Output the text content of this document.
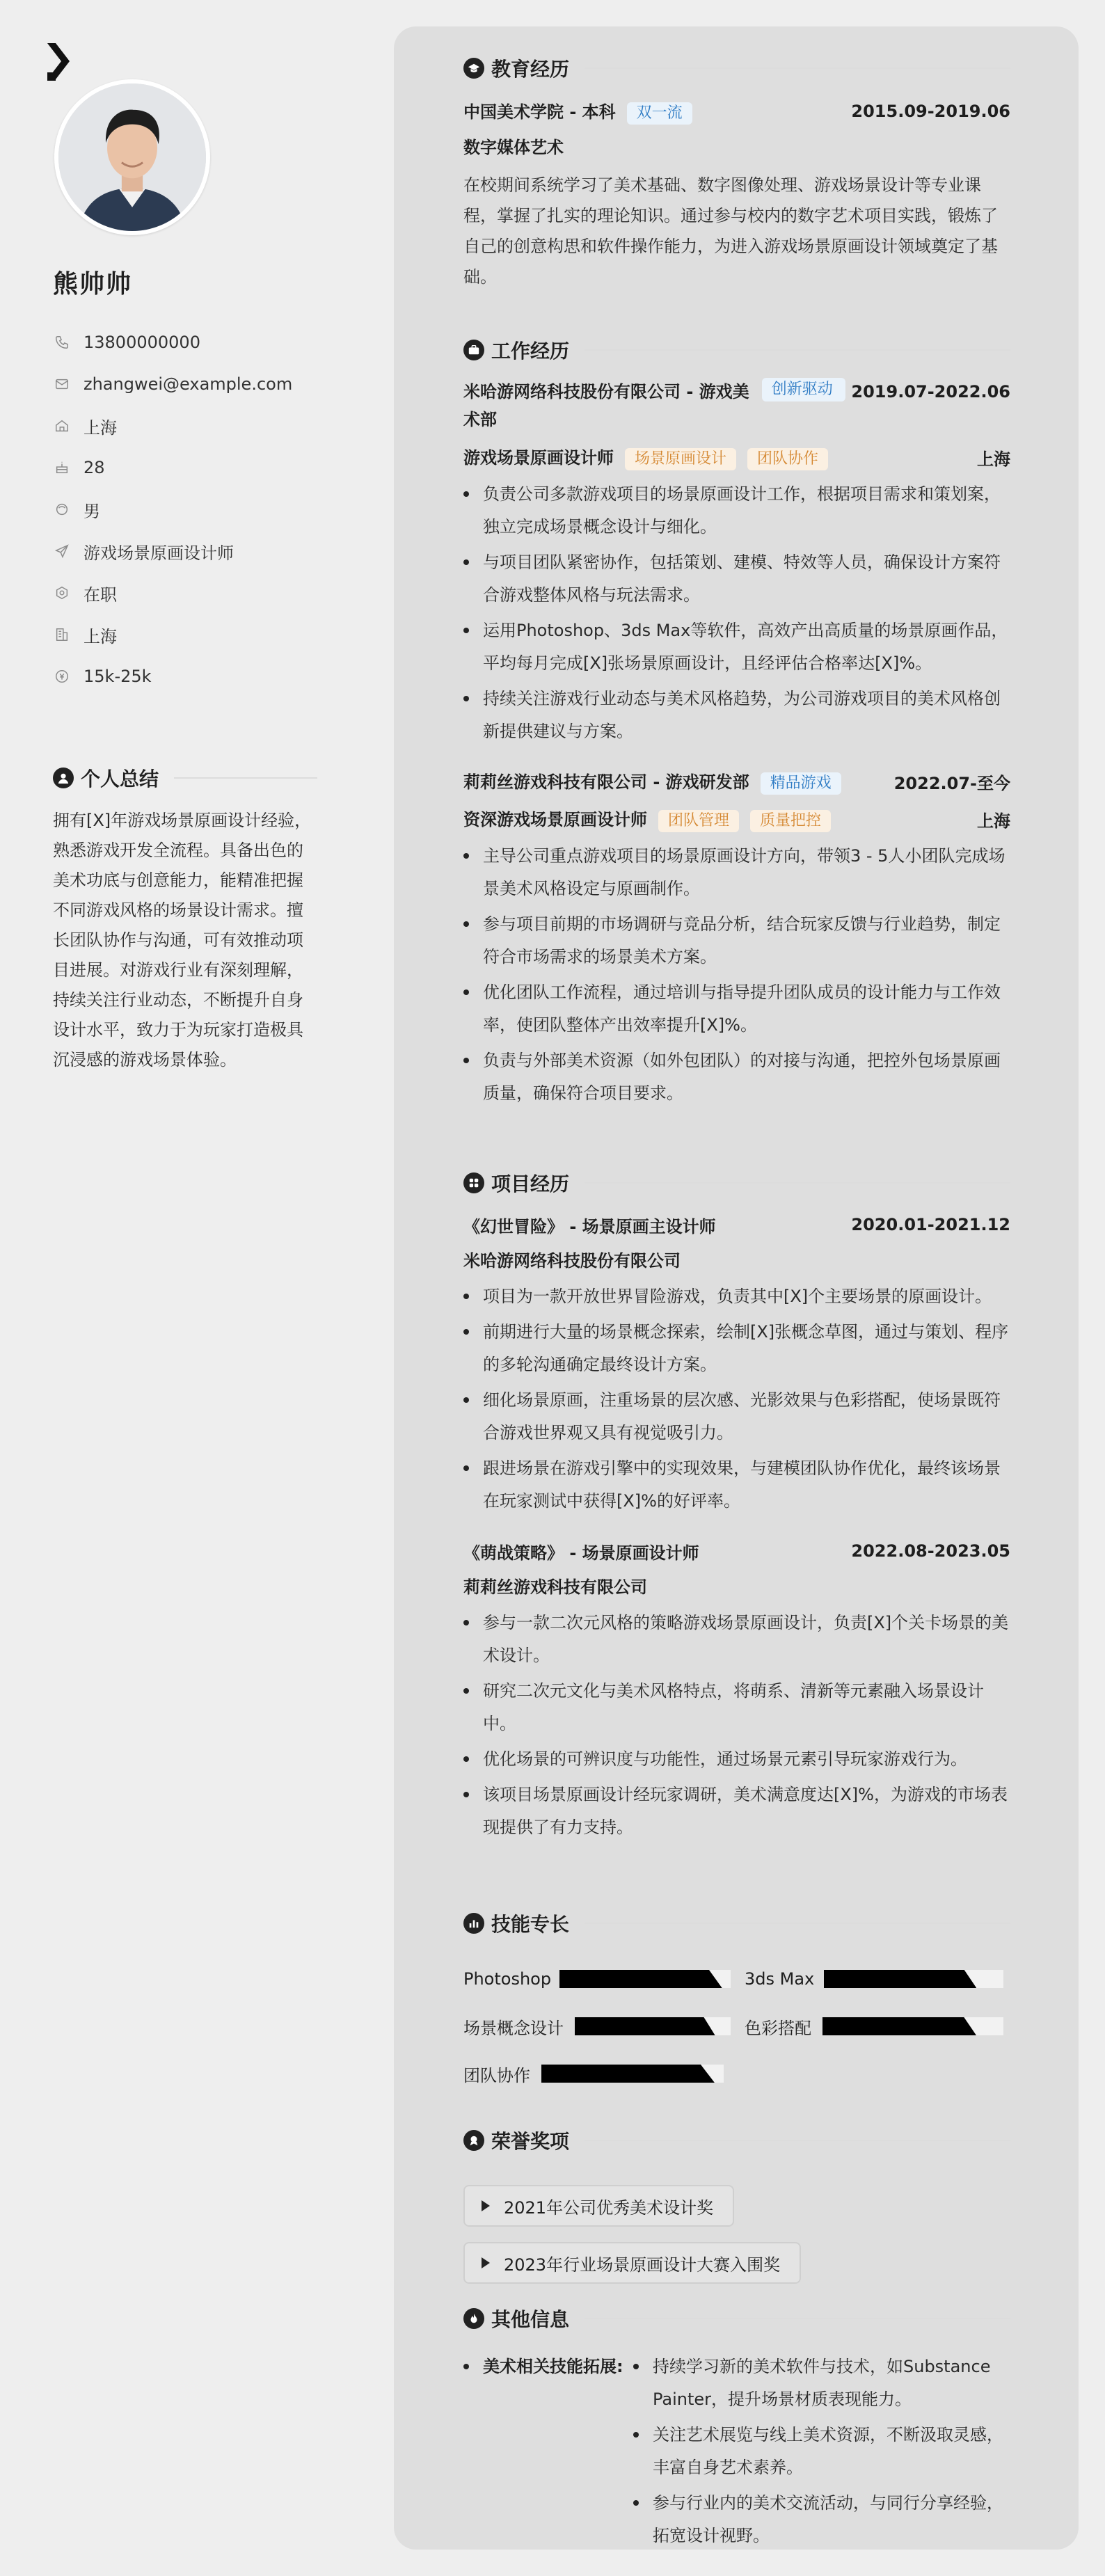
熊帅帅
13800000000
zhangwei@example.com
上海
28
男
游戏场景原画设计师
在职
上海
15k-25k
个人总结
拥有[X]年游戏场景原画设计经验，熟悉游戏开发全流程。具备出色的美术功底与创意能力，能精准把握不同游戏风格的场景设计需求。擅长团队协作与沟通，可有效推动项目进展。对游戏行业有深刻理解，持续关注行业动态，不断提升自身设计水平，致力于为玩家打造极具沉浸感的游戏场景体验。
教育经历
中国美术学院 - 本科 双一流	2015.09-2019.06
数字媒体艺术
在校期间系统学习了美术基础、数字图像处理、游戏场景设计等专业课程，掌握了扎实的理论知识。通过参与校内的数字艺术项目实践，锻炼了自己的创意构思和软件操作能力，为进入游戏场景原画设计领域奠定了基础。
工作经历
米哈游网络科技股份有限公司 - 游戏美术部
创新驱动	2019.07-2022.06
游戏场景原画设计师 场景原画设计 团队协作	上海
负责公司多款游戏项目的场景原画设计工作，根据项目需求和策划案，独立完成场景概念设计与细化。
与项目团队紧密协作，包括策划、建模、特效等人员，确保设计方案符合游戏整体风格与玩法需求。
运用Photoshop、3ds Max等软件，高效产出高质量的场景原画作品，平均每月完成[X]张场景原画设计，且经评估合格率达[X]%。
持续关注游戏行业动态与美术风格趋势，为公司游戏项目的美术风格创新提供建议与方案。
莉莉丝游戏科技有限公司 - 游戏研发部 精品游戏	2022.07-至今
资深游戏场景原画设计师 团队管理 质量把控	上海
主导公司重点游戏项目的场景原画设计方向，带领3 - 5人小团队完成场景美术风格设定与原画制作。
参与项目前期的市场调研与竞品分析，结合玩家反馈与行业趋势，制定符合市场需求的场景美术方案。
优化团队工作流程，通过培训与指导提升团队成员的设计能力与工作效率，使团队整体产出效率提升[X]%。
负责与外部美术资源（如外包团队）的对接与沟通，把控外包场景原画质量，确保符合项目要求。
项目经历
《幻世冒险》 - 场景原画主设计师	2020.01-2021.12
米哈游网络科技股份有限公司
项目为一款开放世界冒险游戏，负责其中[X]个主要场景的原画设计。
前期进行大量的场景概念探索，绘制[X]张概念草图，通过与策划、程序的多轮沟通确定最终设计方案。
细化场景原画，注重场景的层次感、光影效果与色彩搭配，使场景既符合游戏世界观又具有视觉吸引力。
跟进场景在游戏引擎中的实现效果，与建模团队协作优化，最终该场景在玩家测试中获得[X]%的好评率。
《萌战策略》 - 场景原画设计师	2022.08-2023.05
莉莉丝游戏科技有限公司
参与一款二次元风格的策略游戏场景原画设计，负责[X]个关卡场景的美术设计。
研究二次元文化与美术风格特点，将萌系、清新等元素融入场景设计中。
优化场景的可辨识度与功能性，通过场景元素引导玩家游戏行为。
该项目场景原画设计经玩家调研，美术满意度达[X]%，为游戏的市场表现提供了有力支持。
技能专长
Photoshop	3ds Max
场景概念设计	色彩搭配
团队协作
荣誉奖项
2021年公司优秀美术设计奖
2023年行业场景原画设计大赛入围奖
其他信息
美术相关技能拓展:	持续学习新的美术软件与技术，如Substance Painter，提升场景材质表现能力。
关注艺术展览与线上美术资源，不断汲取灵感，丰富自身艺术素养。
参与行业内的美术交流活动，与同行分享经验，拓宽设计视野。
